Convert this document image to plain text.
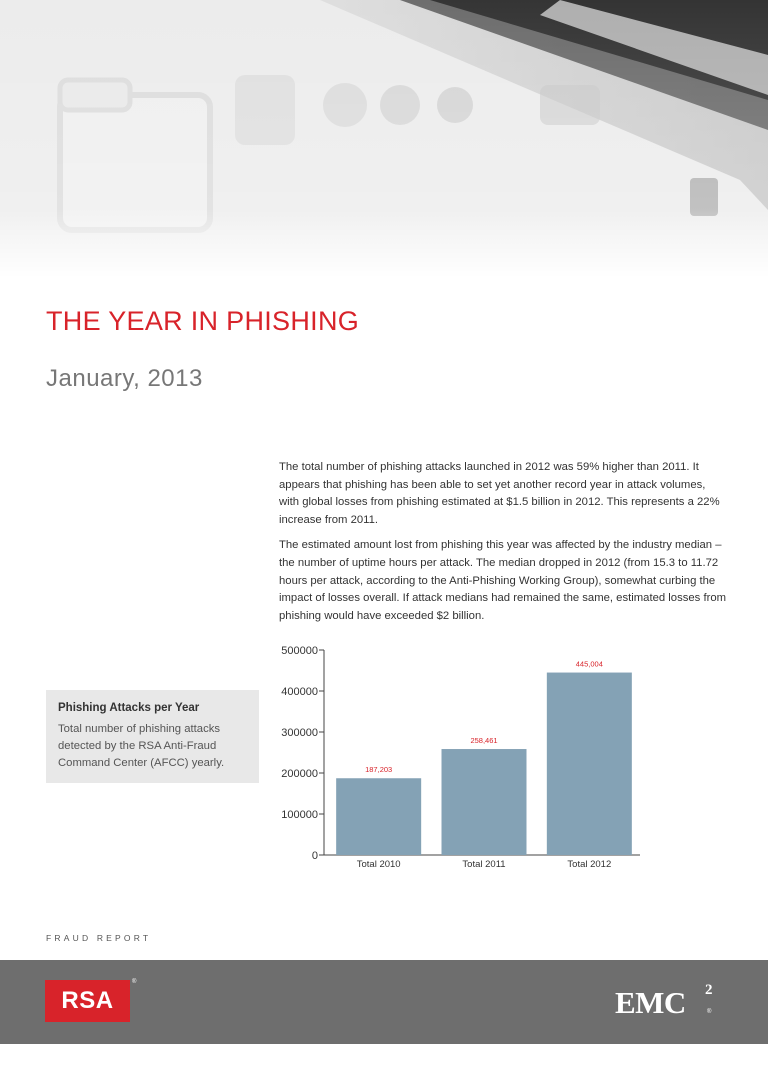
THE YEAR IN PHISHING
January, 2013

The total number of phishing attacks launched in 2012 was 59% higher than 2011. It appears that phishing has been able to set yet another record year in attack volumes, with global losses from phishing estimated at $1.5 billion in 2012. This represents a 22% increase from 2011.

The estimated amount lost from phishing this year was affected by the industry median – the number of uptime hours per attack. The median dropped in 2012 (from 15.3 to 11.72 hours per attack, according to the Anti-Phishing Working Group), somewhat curbing the impact of losses overall. If attack medians had remained the same, estimated losses from phishing would have exceeded $2 billion.

Phishing Attacks per Year
Total number of phishing attacks detected by the RSA Anti-Fraud Command Center (AFCC) yearly.
0
100000
200000
300000
400000
500000
187,203
Total 2010
258,461
Total 2011
445,004
Total 2012
FRAUD REPORT
RSA
®
EMC 2
®
